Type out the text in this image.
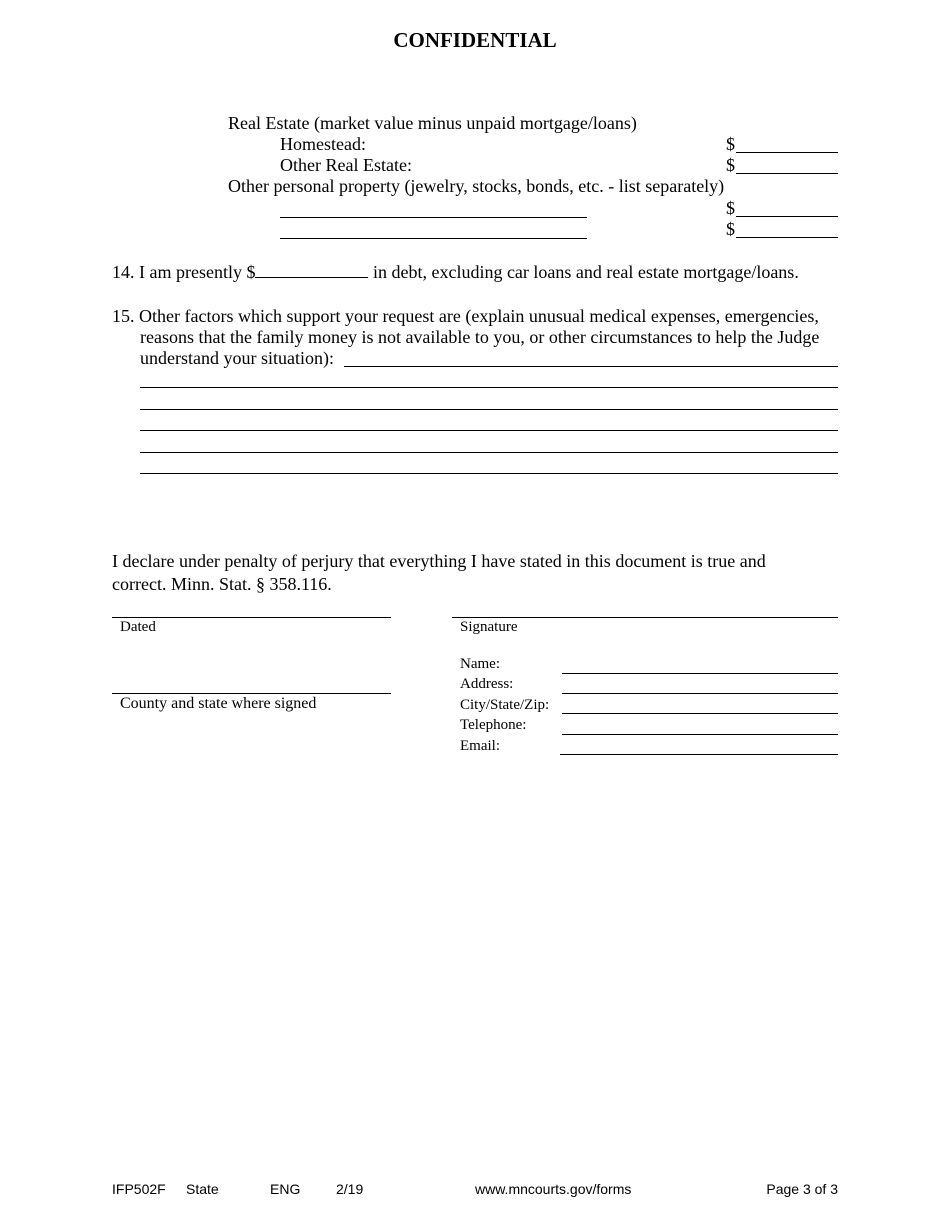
CONFIDENTIAL
Real Estate (market value minus unpaid mortgage/loans)
Homestead:	$
Other Real Estate:	$
Other personal property (jewelry, stocks, bonds, etc. - list separately)
$
$
14. I am presently $	in debt, excluding car loans and real estate mortgage/loans.
15. Other factors which support your request are (explain unusual medical expenses, emergencies,
reasons that the family money is not available to you, or other circumstances to help the Judge
understand your situation):
I declare under penalty of perjury that everything I have stated in this document is true and
correct. Minn. Stat. § 358.116.
Dated
County and state where signed
Signature
Name:
Address:
City/State/Zip:
Telephone:
Email:
IFP502F State	ENG	2/19	www.mncourts.gov/forms	Page 3 of 3
